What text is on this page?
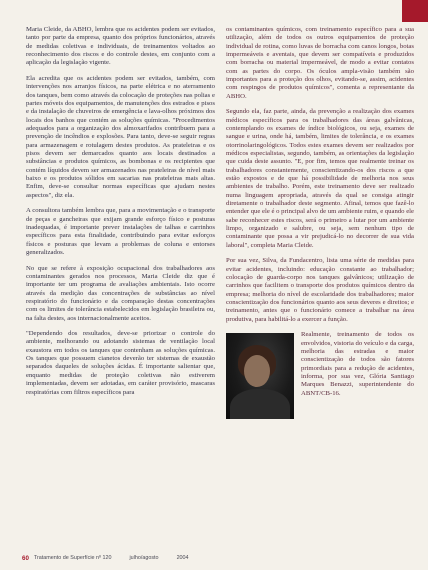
Maria Cleide, da ABHO, lembra que os acidentes podem ser evitados, tanto por parte da empresa, quanto dos próprios funcionários, através de medidas coletivas e individuais, de treinamentos voltados ao reconhecimento dos riscos e do controle destes, em conjunto com a aplicação da legislação vigente.

Ela acredita que os acidentes podem ser evitados, também, com intervenções nos arranjos físicos, na parte elétrica e no aterramento dos tanques, bem como através da colocação de proteções nas polias e partes móveis dos equipamentos, de manutenções dos estrados e pisos e da instalação de chuveiros de emergência e lava-olhos próximos dos locais dos banhos que contém as soluções químicas. "Procedimentos adequados para a organização dos almoxarifados contribuem para a prevenção de incêndios e explosões. Para tanto, deve-se seguir regras para armazenagem e rotulagem destes produtos. As prateleiras e os pisos devem ser demarcados quanto aos locais destinados a substâncias e produtos químicos, as bombonas e os recipientes que contém líquidos devem ser armazenados nas prateleiras de nível mais baixo e os produtos sólidos em sacarias nas prateleiras mais altas. Enfim, deve-se consultar normas específicas que ajudam nestes aspectos", diz ela.

A consultora também lembra que, para a movimentação e o transporte de peças e gancheiras que exijam grande esforço físico e posturas inadequadas, é importante prever instalações de talhas e carrinhos específicos para esta finalidade, contribuindo para evitar esforços físicos e posturas que levam a problemas de coluna e entorses generalizados.

No que se refere à exposição ocupacional dos trabalhadores aos contaminantes gerados nos processos, Maria Cleide diz que é importante ter um programa de avaliações ambientais. Isto ocorre através da medição das concentrações de substâncias ao nível respiratório do funcionário e da comparação destas concentrações com os limites de tolerância estabelecidos em legislação brasileira ou, na falta destes, aos internacionalmente aceitos.

"Dependendo dos resultados, deve-se priorizar o controle do ambiente, melhorando ou adotando sistemas de ventilação local exaustora em todos os tanques que contenham as soluções químicas. Os tanques que possuem cianetos deverão ter sistemas de exaustão separados daqueles de soluções ácidas. É importante salientar que, enquanto medidas de proteção coletivas não estiverem implementadas, devem ser adotadas, em caráter provisório, mascaras respiratórias com filtros específicos para

os contaminantes químicos, com treinamento específico para a sua utilização, além de todos os outros equipamentos de proteção individual de rotina, como luvas de borracha com canos longos, botas impermeáveis e aventais, que devem ser compatíveis e produzidos com borracha ou material impermeável, de modo a evitar contatos com as partes do corpo. Os óculos ampla-visão também são importantes para a proteção dos olhos, evitando-se, assim, acidentes com respingos de produtos químicos", comenta a representante da ABHO.

Segundo ela, faz parte, ainda, da prevenção a realização dos exames médicos específicos para os trabalhadores das áreas galvânicas, contemplando os exames de índice biológicos, ou seja, exames de sangue e urina, onde há, também, limites de tolerância, e os exames otorrinolaringológicos. Todos estes exames devem ser realizados por médicos especialistas, segundo, também, as orientações da legislação que cuida deste assunto. "E, por fim, temos que realmente treinar os trabalhadores constantemente, conscientizando-os dos riscos a que estão expostos e de que há possibilidade de melhoria nos seus ambientes de trabalho. Porém, este treinamento deve ser realizado numa linguagem apropriada, através da qual se consiga atingir diretamente o trabalhador deste segmento. Afinal, temos que fazê-lo entender que ele é o principal alvo de um ambiente ruim, e quando ele sabe reconhecer estes riscos, será o primeiro a lutar por um ambiente limpo, organizado e salubre, ou seja, sem nenhum tipo de contaminante que possa a vir prejudicá-lo no decorrer de sua vida laboral", completa Maria Cleide.

Por sua vez, Silva, da Fundacentro, lista uma série de medidas para evitar acidentes, incluindo: educação constante ao trabalhador; colocação de guarda-corpo nos tanques galvânicos; utilização de carrinhos que facilitem o transporte dos produtos químicos dentro da empresa; melhoria do nível de escolaridade dos trabalhadores; maior conscientização dos funcionários quanto aos seus deveres e direitos; e treinamento, antes que o funcionário comece a trabalhar na área produtiva, para habilitá-lo a exercer a função.

Realmente, treinamento de todos os envolvidos, vistoria do veículo e da carga, melhoria das estradas e maior conscientização de todos são fatores primordiais para a redução de acidentes, informa, por sua vez, Glória Santiago Marques Benazzi, superintendente do ABNT/CB-16.

60 Tratamento de Superfície nº 120	julho/agosto	2004
